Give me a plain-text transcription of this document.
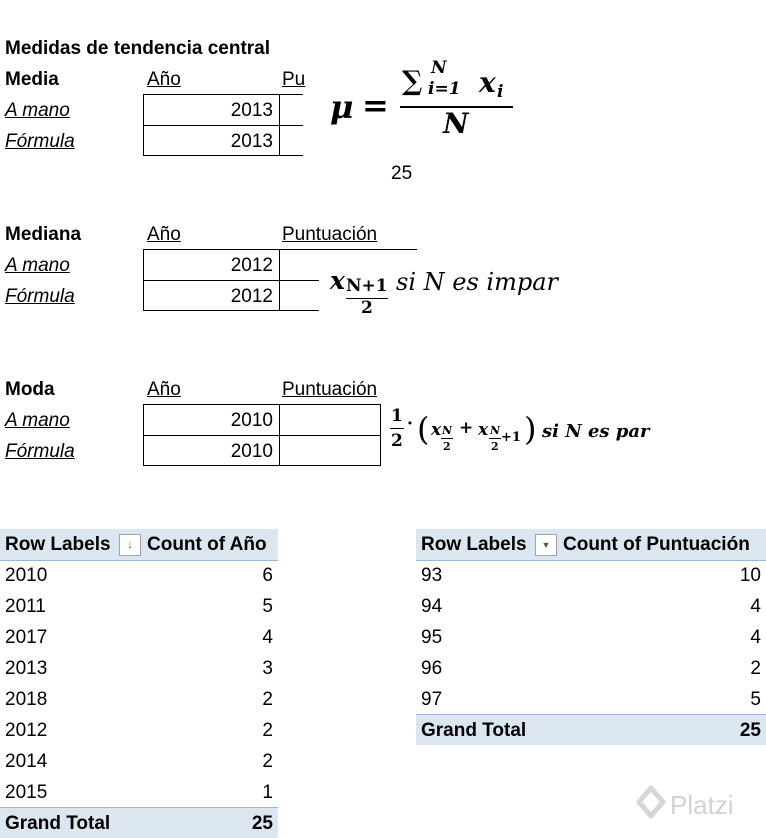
Medidas de tendencia central
Media	Año	Pu
A mano	2013
Fórmula	2013
25
μ =
∑ N
i=1 x i
N
Mediana	Año	Puntuación
A mano	2012
Fórmula	2012
x N+1
2
si N es impar
Moda	Año	Puntuación
A mano	2010
Fórmula	2010
1
2
· ( x N
2
+ x N
2
+1 ) si N es par
Row Labels	↓ Count of Año
2010	6
2011	5
2017	4
2013	3
2018	2
2012	2
2014	2
2015	1
Grand Total	25
Row Labels	▼ Count of Puntuación
93	10
94	4
95	4
96	2
97	5
Grand Total	25
Platzi
